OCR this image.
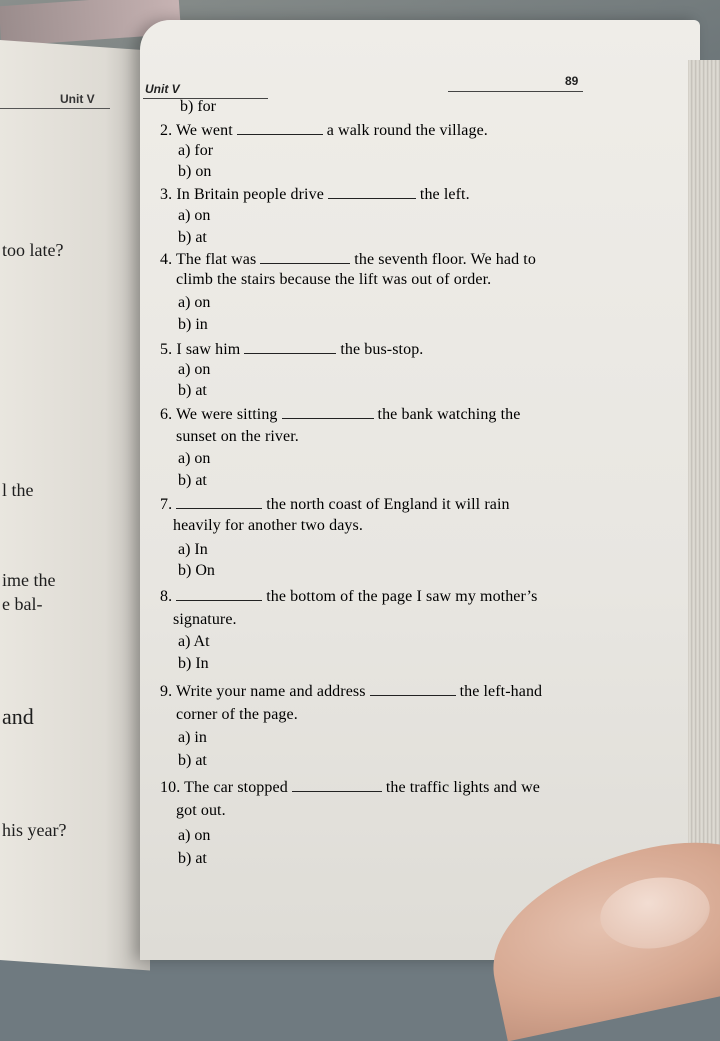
Unit V
too late?
l the
ime the
e bal-
and
his year?
Unit V
89
b) for
2. We went	a walk round the village.
a) for
b) on
3. In Britain people drive	the left.
a) on
b) at
4. The flat was	the seventh floor. We had to
climb the stairs because the lift was out of order.
a) on
b) in
5. I saw him	the bus-stop.
a) on
b) at
6. We were sitting	the bank watching the
sunset on the river.
a) on
b) at
7.	the north coast of England it will rain
heavily for another two days.
a) In
b) On
8.	the bottom of the page I saw my mother’s
signature.
a) At
b) In
9. Write your name and address	the left-hand
corner of the page.
a) in
b) at
10. The car stopped	the traffic lights and we
got out.
a) on
b) at
